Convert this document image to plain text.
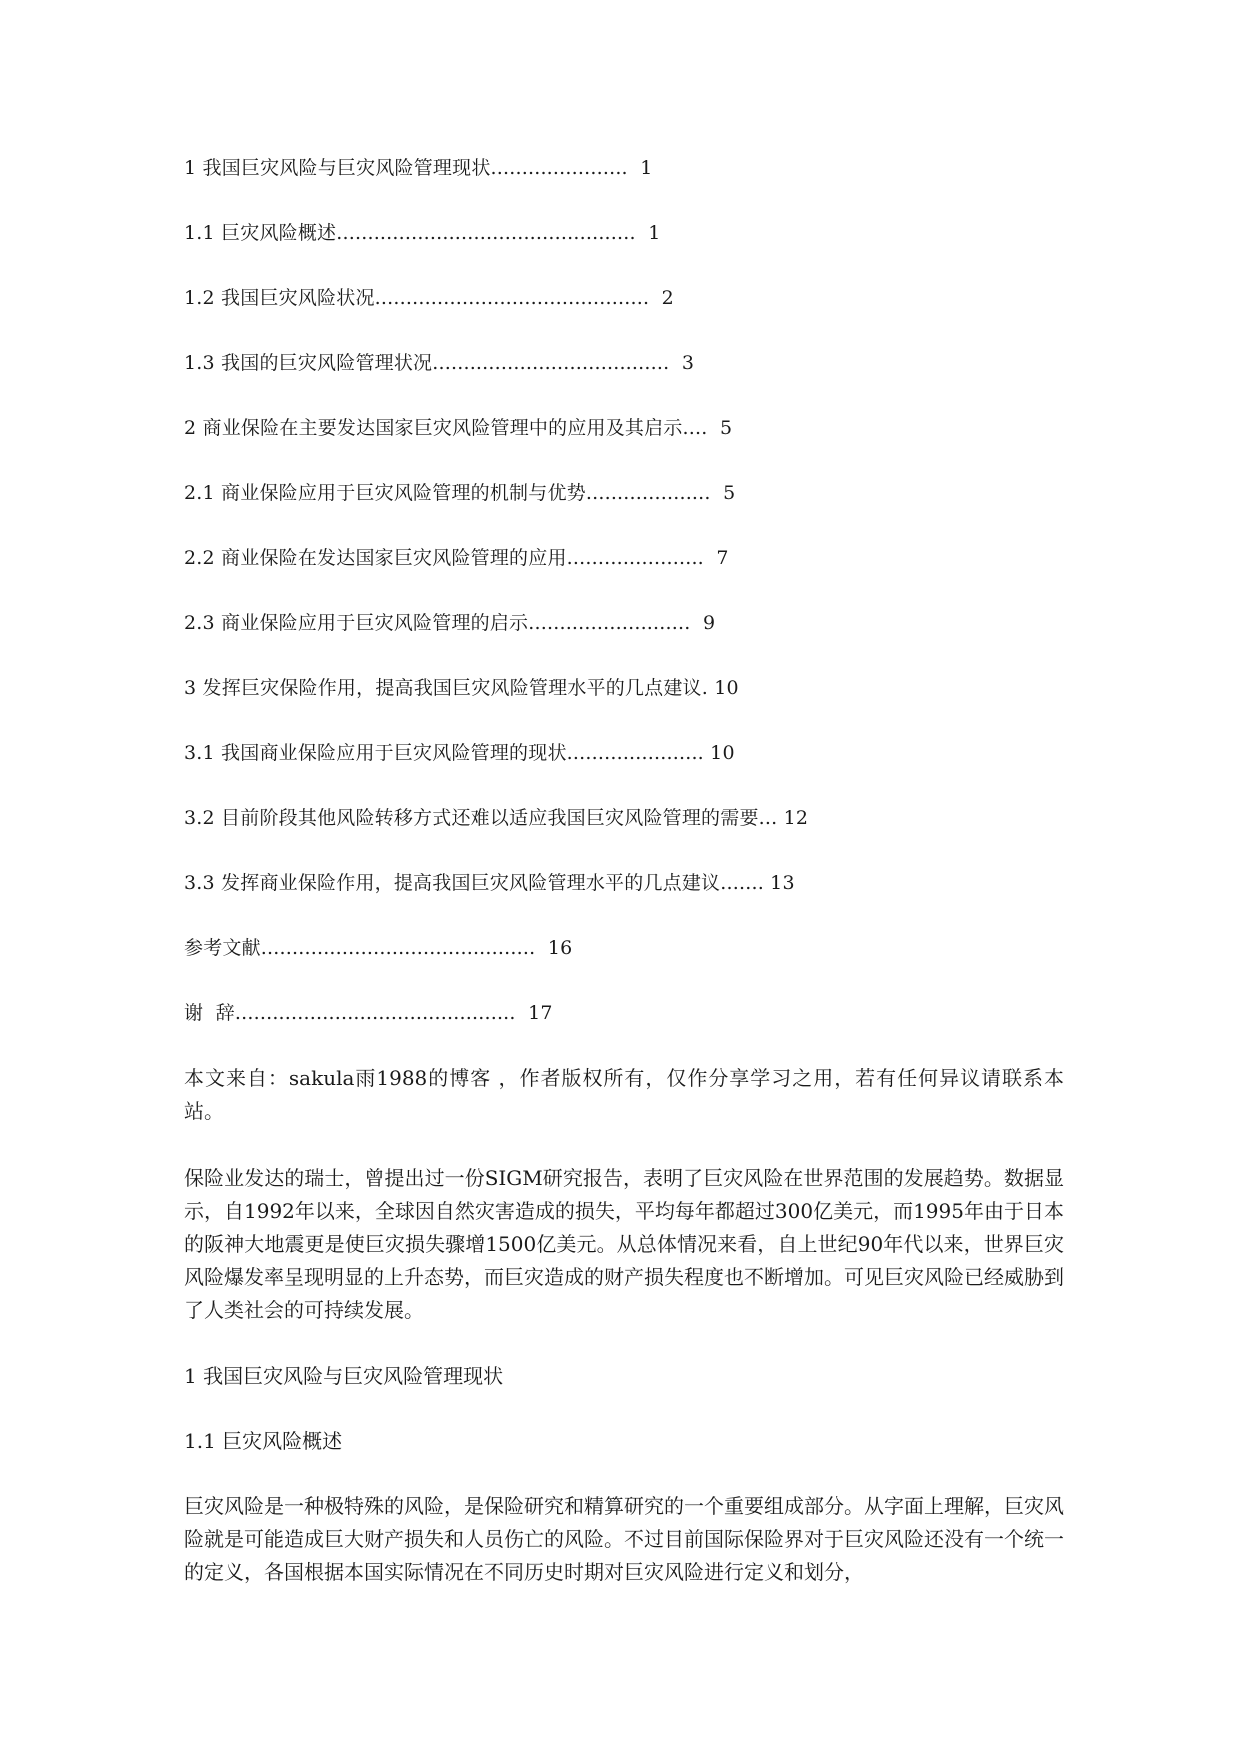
1 我国巨灾风险与巨灾风险管理现状......................  1
1.1 巨灾风险概述................................................  1
1.2 我国巨灾风险状况............................................  2
1.3 我国的巨灾风险管理状况......................................  3
2 商业保险在主要发达国家巨灾风险管理中的应用及其启示....  5
2.1 商业保险应用于巨灾风险管理的机制与优势....................  5
2.2 商业保险在发达国家巨灾风险管理的应用......................  7
2.3 商业保险应用于巨灾风险管理的启示..........................  9
3 发挥巨灾保险作用，提高我国巨灾风险管理水平的几点建议. 10
3.1 我国商业保险应用于巨灾风险管理的现状...................... 10
3.2 目前阶段其他风险转移方式还难以适应我国巨灾风险管理的需要... 12
3.3 发挥商业保险作用，提高我国巨灾风险管理水平的几点建议....... 13
参考文献............................................  16
谢  辞.............................................  17

本文来自：sakula雨1988的博客 ，作者版权所有，仅作分享学习之用，若有任何异议请联系本站。

保险业发达的瑞士，曾提出过一份SIGM研究报告，表明了巨灾风险在世界范围的发展趋势。数据显示，自1992年以来，全球因自然灾害造成的损失，平均每年都超过300亿美元，而1995年由于日本的阪神大地震更是使巨灾损失骤增1500亿美元。从总体情况来看，自上世纪90年代以来，世界巨灾风险爆发率呈现明显的上升态势，而巨灾造成的财产损失程度也不断增加。可见巨灾风险已经威胁到了人类社会的可持续发展。

1 我国巨灾风险与巨灾风险管理现状

1.1 巨灾风险概述

巨灾风险是一种极特殊的风险，是保险研究和精算研究的一个重要组成部分。从字面上理解，巨灾风险就是可能造成巨大财产损失和人员伤亡的风险。不过目前国际保险界对于巨灾风险还没有一个统一的定义，各国根据本国实际情况在不同历史时期对巨灾风险进行定义和划分，
